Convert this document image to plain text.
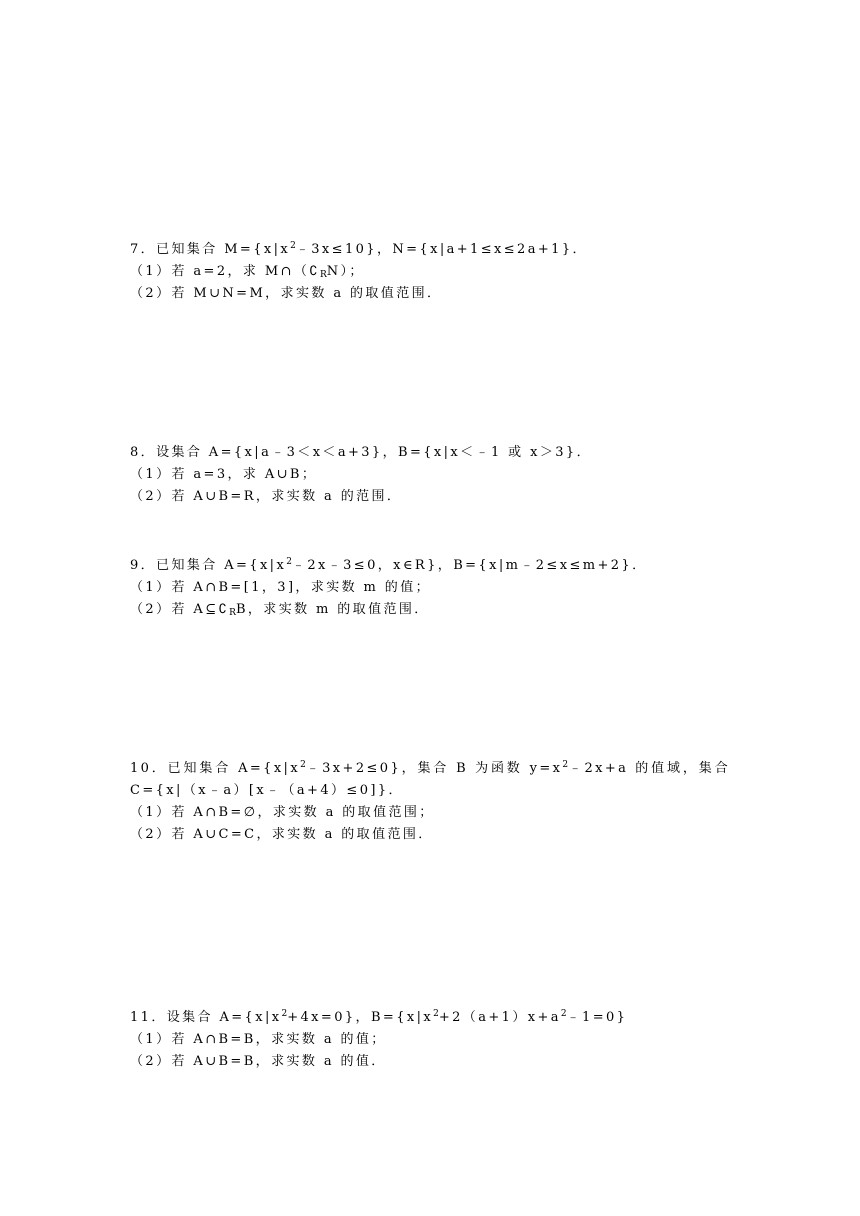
7．已知集合 $M=\{x|x^2﹣3x\le 10\}$，N={x|a+1≤x≤2a+1}．
（1）若 a=2，求 $M\cap(∁_RN)$；
（2）若 M∪N=M，求实数 a 的取值范围．
8．设集合 A={x|a﹣3＜x＜a+3}，B={x|x＜﹣1 或 x＞3}．
（1）若 a=3，求 A∪B；
（2）若 A∪B=R，求实数 a 的范围．
9．已知集合 $A=\{x|x^2﹣2x﹣3\le 0$，x∈R}，B={x|m﹣2≤x≤m+2}．
（1）若 A∩B=[1，3]，求实数 m 的值；
（2）若 $A⊆∁_RB$，求实数 m 的取值范围．
10．已知集合 $A=\{x|x^2﹣3x+2\le 0\}$，集合 B 为函数 $y=x^2﹣2x+a$ 的值域，集合
C={x|（x﹣a）[x﹣（a+4）≤0]}．
（1）若 A∩B=∅，求实数 a 的取值范围；
（2）若 A∪C=C，求实数 a 的取值范围．
11．设集合 $A=\{x|x^2+4x=0\}$，$B=\{x|x^2+2(a+1)x+a^2﹣1=0\}$
（1）若 A∩B=B，求实数 a 的值；
（2）若 A∪B=B，求实数 a 的值．
